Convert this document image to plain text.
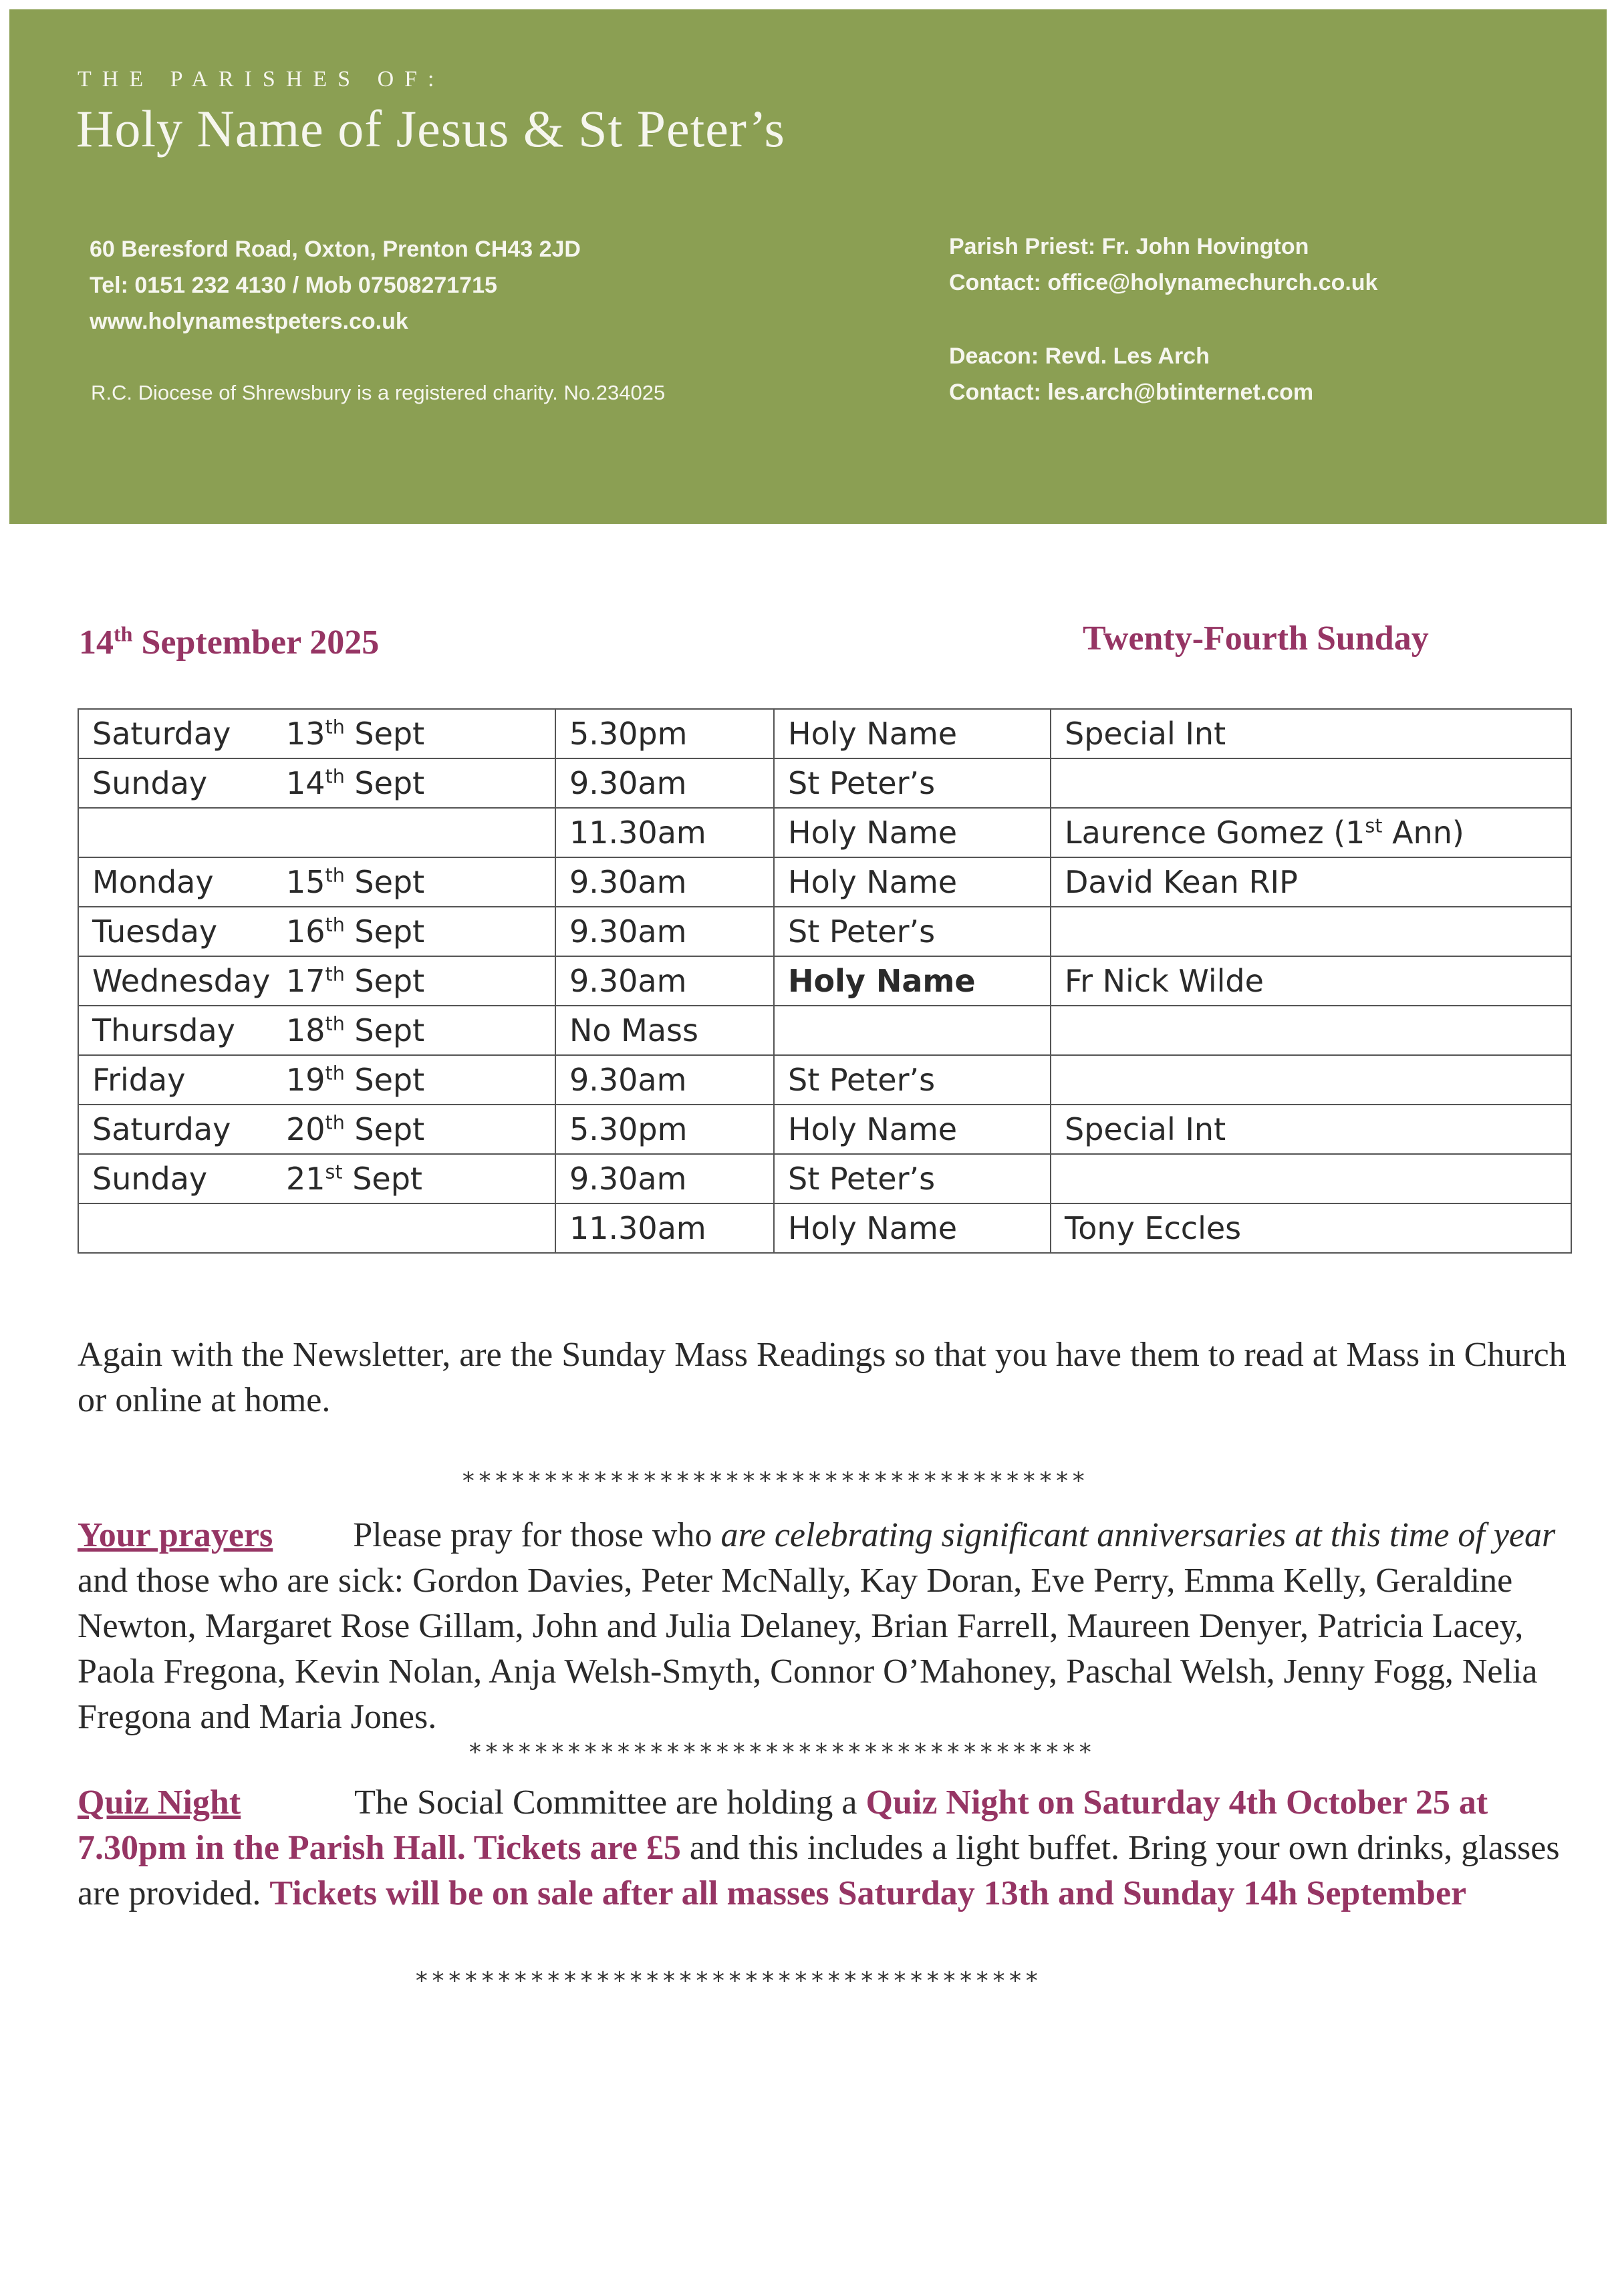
THE PARISHES OF:
Holy Name of Jesus & St Peter’s
60 Beresford Road, Oxton, Prenton CH43 2JD
Tel: 0151 232 4130 / Mob 07508271715
www.holynamestpeters.co.uk
R.C. Diocese of Shrewsbury is a registered charity. No.234025
Parish Priest: Fr. John Hovington
Contact: office@holynamechurch.co.uk
Deacon: Revd. Les Arch
Contact: les.arch@btinternet.com
14th September 2025	Twenty-Fourth Sunday
Saturday 13th Sept	5.30pm	Holy Name	Special Int
Sunday 14th Sept	9.30am	St Peter’s	
	11.30am	Holy Name	Laurence Gomez (1st Ann)
Monday 15th Sept	9.30am	Holy Name	David Kean RIP
Tuesday 16th Sept	9.30am	St Peter’s	
Wednesday 17th Sept	9.30am	Holy Name	Fr Nick Wilde
Thursday 18th Sept	No Mass		
Friday 19th Sept	9.30am	St Peter’s	
Saturday 20th Sept	5.30pm	Holy Name	Special Int
Sunday 21st Sept	9.30am	St Peter’s	
	11.30am	Holy Name	Tony Eccles
Again with the Newsletter, are the Sunday Mass Readings so that you have them to read at Mass in Church or online at home.
**************************************
Your prayers Please pray for those who are celebrating significant anniversaries at this time of year and those who are sick: Gordon Davies, Peter McNally, Kay Doran, Eve Perry, Emma Kelly, Geraldine Newton, Margaret Rose Gillam, John and Julia Delaney, Brian Farrell, Maureen Denyer, Patricia Lacey, Paola Fregona, Kevin Nolan, Anja Welsh-Smyth, Connor O’Mahoney, Paschal Welsh, Jenny Fogg, Nelia Fregona and Maria Jones.
**************************************
Quiz Night	The Social Committee are holding a Quiz Night on Saturday 4th October 25 at 7.30pm in the Parish Hall. Tickets are £5 and this includes a light buffet. Bring your own drinks, glasses are provided. Tickets will be on sale after all masses Saturday 13th and Sunday 14h September
**************************************
